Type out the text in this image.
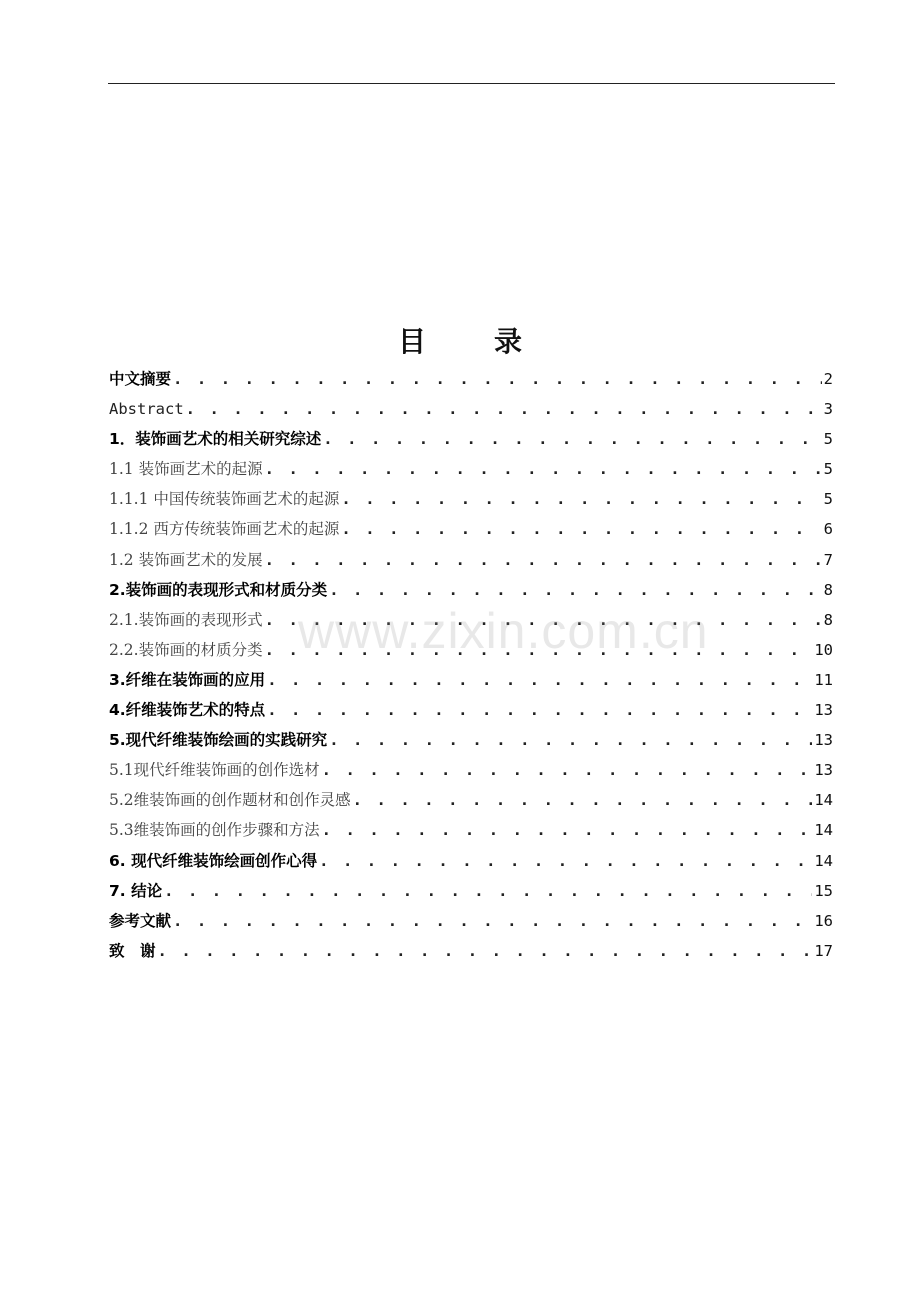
目　录
中文摘要 . . .	2
Abstract . . .	3
1．装饰画艺术的相关研究综述 . . .	5
1.1 装饰画艺术的起源 . . .	5
1.1.1 中国传统装饰画艺术的起源 . . .	5
1.1.2 西方传统装饰画艺术的起源 . . .	6
1.2 装饰画艺术的发展 . . .	7
2.装饰画的表现形式和材质分类 . . .	8
2.1.装饰画的表现形式 . . .	8
2.2.装饰画的材质分类 . . .	10
3.纤维在装饰画的应用 . . .	11
4.纤维装饰艺术的特点 . . .	13
5.现代纤维装饰绘画的实践研究 . . .	13
5.1现代纤维装饰画的创作选材 . . .	13
5.2维装饰画的创作题材和创作灵感 . . .	14
5.3维装饰画的创作步骤和方法 . . .	14
6. 现代纤维装饰绘画创作心得 . . .	14
7. 结论 . . .	15
参考文献 . . .	16
致　谢 . . .	17
www.zixin.com.cn
